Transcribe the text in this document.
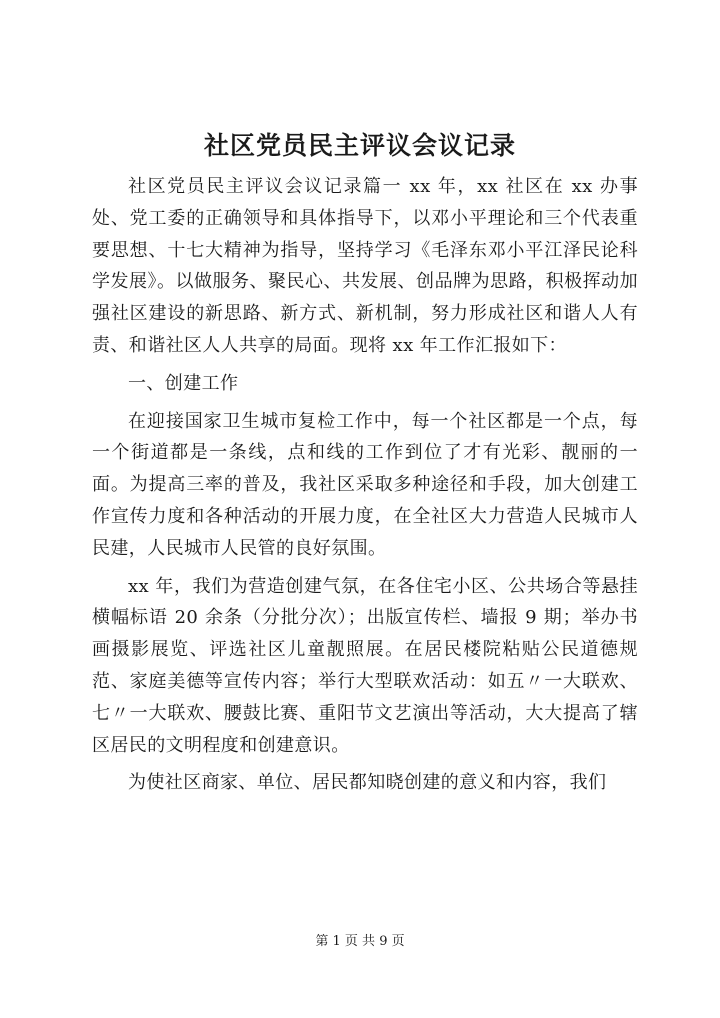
社区党员民主评议会议记录

社区党员民主评议会议记录篇一 xx 年，xx 社区在 xx 办事处、党工委的正确领导和具体指导下，以邓小平理论和三个代表重要思想、十七大精神为指导，坚持学习《毛泽东邓小平江泽民论科学发展》。以做服务、聚民心、共发展、创品牌为思路，积极挥动加强社区建设的新思路、新方式、新机制，努力形成社区和谐人人有责、和谐社区人人共享的局面。现将 xx 年工作汇报如下：

一、创建工作

在迎接国家卫生城市复检工作中，每一个社区都是一个点，每一个街道都是一条线，点和线的工作到位了才有光彩、靓丽的一面。为提高三率的普及，我社区采取多种途径和手段，加大创建工作宣传力度和各种活动的开展力度，在全社区大力营造人民城市人民建，人民城市人民管的良好氛围。

xx 年，我们为营造创建气氛，在各住宅小区、公共场合等悬挂横幅标语 20 余条（分批分次）；出版宣传栏、墙报 9 期；举办书画摄影展览、评选社区儿童靓照展。在居民楼院粘贴公民道德规范、家庭美德等宣传内容；举行大型联欢活动：如五〃一大联欢、七〃一大联欢、腰鼓比赛、重阳节文艺演出等活动，大大提高了辖区居民的文明程度和创建意识。

为使社区商家、单位、居民都知晓创建的意义和内容，我们

第 1 页 共 9 页
